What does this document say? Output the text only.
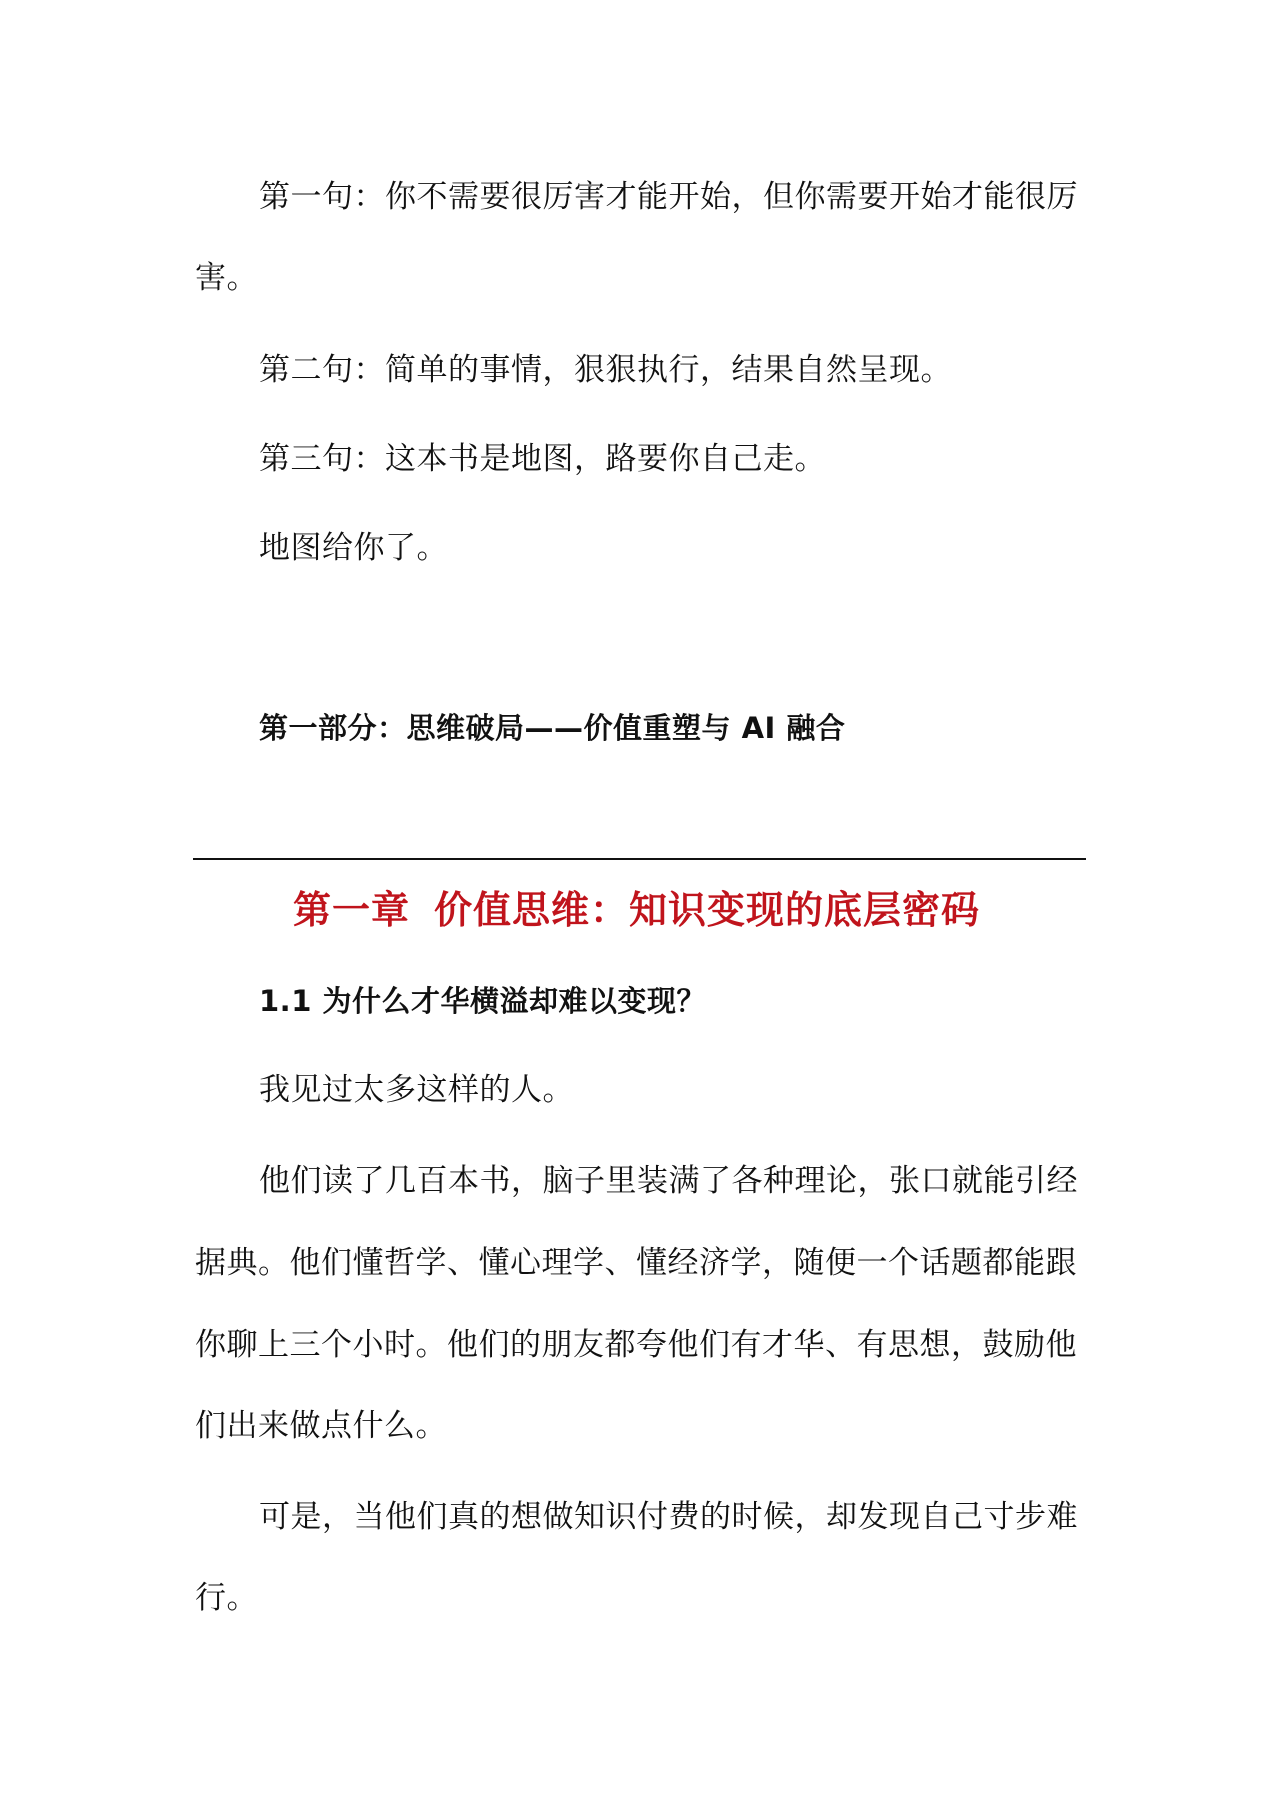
第一句：你不需要很厉害才能开始，但你需要开始才能很厉
害。
第二句：简单的事情，狠狠执行，结果自然呈现。
第三句：这本书是地图，路要你自己走。
地图给你了。
第一部分：思维破局——价值重塑与 AI 融合
第一章 价值思维：知识变现的底层密码
1.1 为什么才华横溢却难以变现？
我见过太多这样的人。
他们读了几百本书，脑子里装满了各种理论，张口就能引经
据典。他们懂哲学、懂心理学、懂经济学，随便一个话题都能跟
你聊上三个小时。他们的朋友都夸他们有才华、有思想，鼓励他
们出来做点什么。
可是，当他们真的想做知识付费的时候，却发现自己寸步难
行。
